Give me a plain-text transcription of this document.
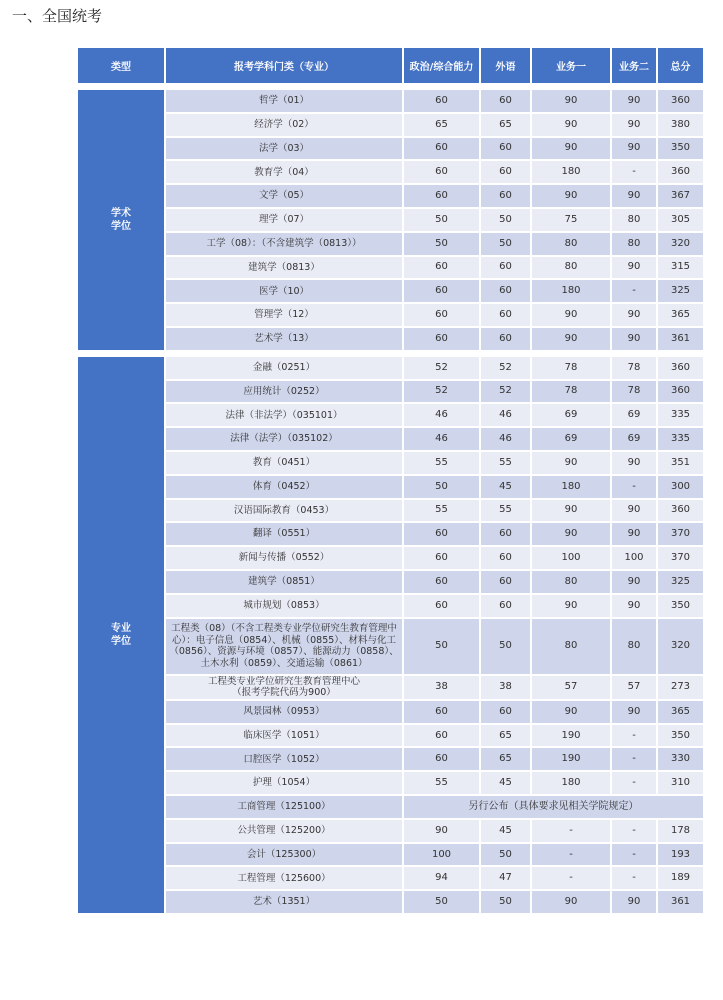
一、全国统考
类型	报考学科门类（专业）	政治/综合能力	外语	业务一	业务二	总分

学术
学位	哲学（01）	60	60	90	90	360
	经济学（02）	65	65	90	90	380
	法学（03）	60	60	90	90	350
	教育学（04）	60	60	180	-	360
	文学（05）	60	60	90	90	367
	理学（07）	50	50	75	80	305
	工学（08）：（不含建筑学（0813））	50	50	80	80	320
	建筑学（0813）	60	60	80	90	315
	医学（10）	60	60	180	-	325
	管理学（12）	60	60	90	90	365
	艺术学（13）	60	60	90	90	361

专业
学位	金融（0251）	52	52	78	78	360
	应用统计（0252）	52	52	78	78	360
	法律（非法学）（035101）	46	46	69	69	335
	法律（法学）（035102）	46	46	69	69	335
	教育（0451）	55	55	90	90	351
	体育（0452）	50	45	180	-	300
	汉语国际教育（0453）	55	55	90	90	360
	翻译（0551）	60	60	90	90	370
	新闻与传播（0552）	60	60	100	100	370
	建筑学（0851）	60	60	80	90	325
	城市规划（0853）	60	60	90	90	350
	工程类（08）（不含工程类专业学位研究生教育管理中心）：电子信息（0854）、机械（0855）、材料与化工（0856）、资源与环境（0857）、能源动力（0858）、土木水利（0859）、交通运输（0861）	50	50	80	80	320
	工程类专业学位研究生教育管理中心
（报考学院代码为900）	38	38	57	57	273
	风景园林（0953）	60	60	90	90	365
	临床医学（1051）	60	65	190	-	350
	口腔医学（1052）	60	65	190	-	330
	护理（1054）	55	45	180	-	310
	工商管理（125100）	另行公布（具体要求见相关学院规定）				
	公共管理（125200）	90	45	-	-	178
	会计（125300）	100	50	-	-	193
	工程管理（125600）	94	47	-	-	189
	艺术（1351）	50	50	90	90	361
